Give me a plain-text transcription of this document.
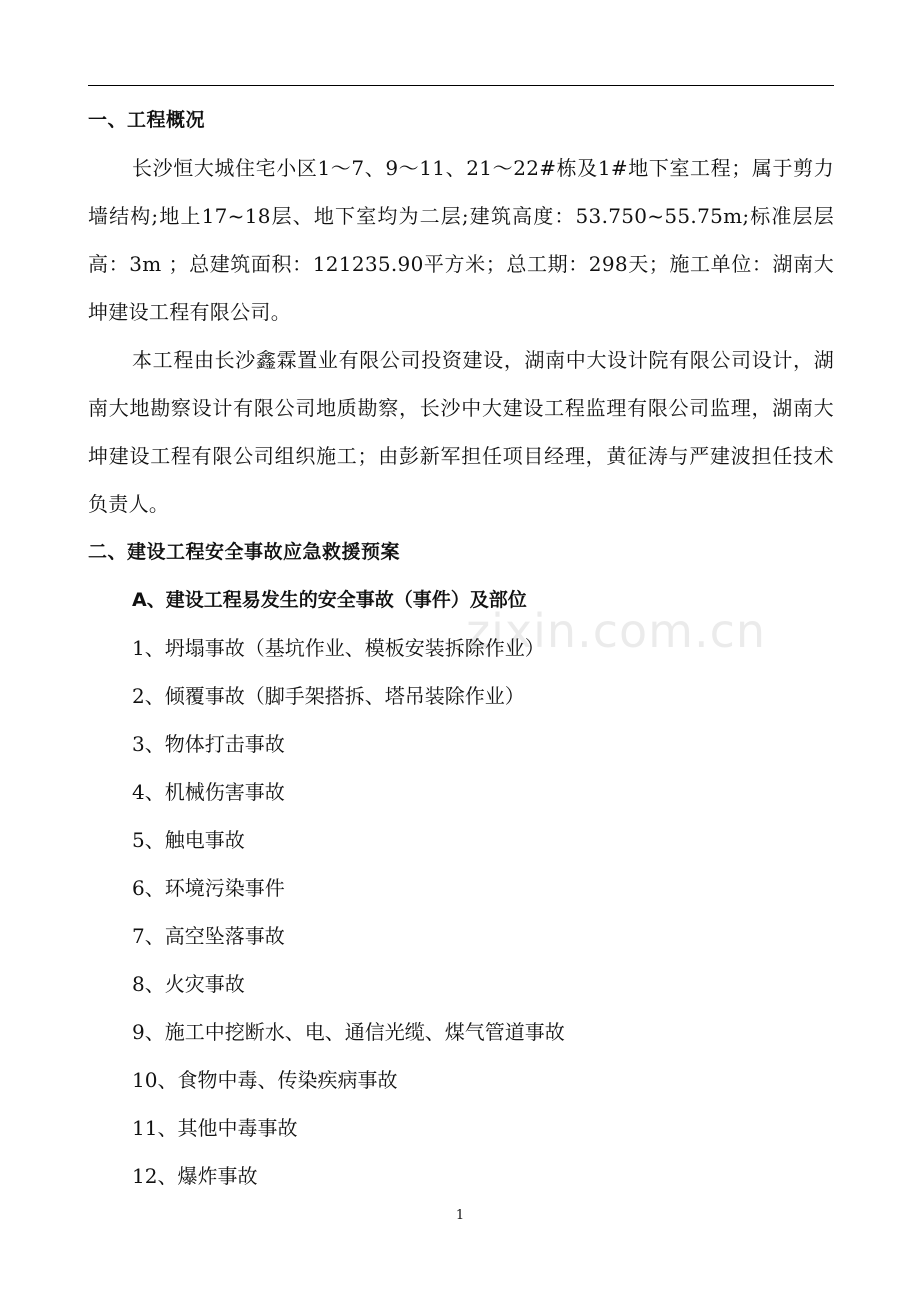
一、工程概况
长沙恒大城住宅小区1～7、9～11、21～22#栋及1#地下室工程；属于剪力墙结构;地上17~18层、地下室均为二层;建筑高度：53.750~55.75m;标准层层高：3m ；总建筑面积：121235.90平方米；总工期：298天；施工单位：湖南大坤建设工程有限公司。
本工程由长沙鑫霖置业有限公司投资建设，湖南中大设计院有限公司设计，湖南大地勘察设计有限公司地质勘察，长沙中大建设工程监理有限公司监理，湖南大坤建设工程有限公司组织施工；由彭新军担任项目经理，黄征涛与严建波担任技术负责人。
二、建设工程安全事故应急救援预案
A、建设工程易发生的安全事故（事件）及部位
1、坍塌事故（基坑作业、模板安装拆除作业）
2、倾覆事故（脚手架搭拆、塔吊装除作业）
3、物体打击事故
4、机械伤害事故
5、触电事故
6、环境污染事件
7、高空坠落事故
8、火灾事故
9、施工中挖断水、电、通信光缆、煤气管道事故
10、食物中毒、传染疾病事故
11、其他中毒事故
12、爆炸事故
zixin.com.cn
1
